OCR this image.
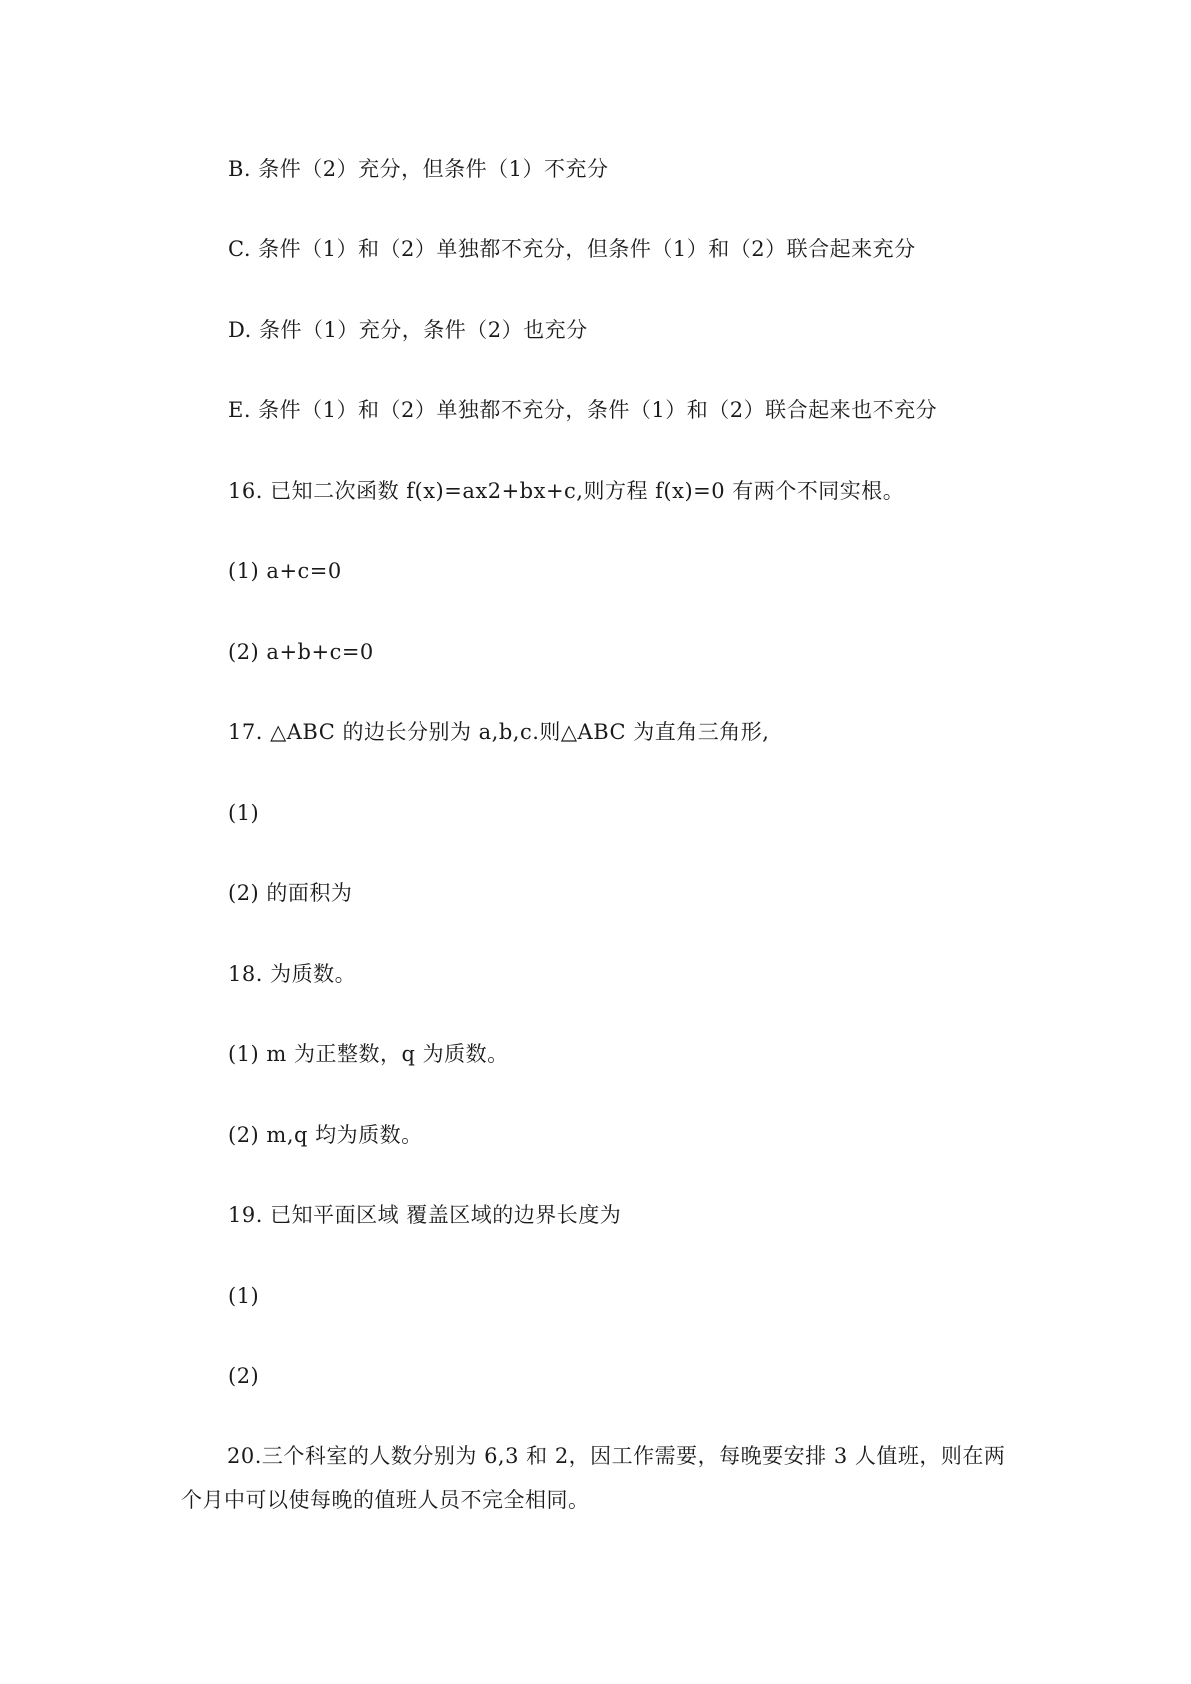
B. 条件（2）充分，但条件（1）不充分
C. 条件（1）和（2）单独都不充分，但条件（1）和（2）联合起来充分
D. 条件（1）充分，条件（2）也充分
E. 条件（1）和（2）单独都不充分，条件（1）和（2）联合起来也不充分
16. 已知二次函数 f(x)=ax2+bx+c,则方程 f(x)=0 有两个不同实根。
(1) a+c=0
(2) a+b+c=0
17. △ABC 的边长分别为 a,b,c.则△ABC 为直角三角形,
(1)
(2) 的面积为
18. 为质数。
(1) m 为正整数，q 为质数。
(2) m,q 均为质数。
19. 已知平面区域 覆盖区域的边界长度为
(1)
(2)
20.三个科室的人数分别为 6,3 和 2，因工作需要，每晚要安排 3 人值班，则在两个月中可以使每晚的值班人员不完全相同。
